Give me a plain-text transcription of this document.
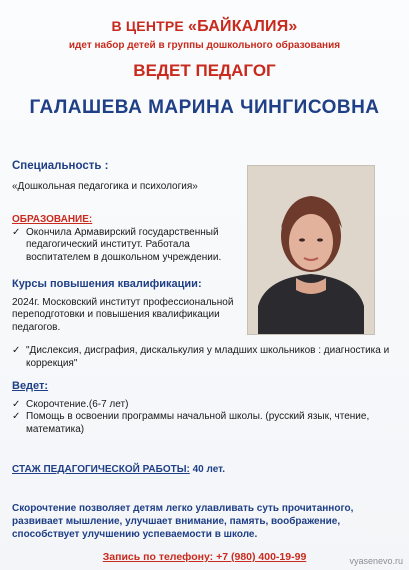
В ЦЕНТРЕ «БАЙКАЛИЯ»
идет набор детей в группы дошкольного образования
ВЕДЕТ ПЕДАГОГ
ГАЛАШЕВА МАРИНА ЧИНГИСОВНА
Специальность :
«Дошкольная педагогика и психология»
ОБРАЗОВАНИЕ:
✓ Окончила Армавирский государственный педагогический институт. Работала воспитателем в дошкольном учреждении.
Курсы повышения квалификации:
2024г. Московский институт профессиональной переподготовки и повышения квалификации педагогов.
✓ "Дислексия, дисграфия, дискалькулия у младших школьников : диагностика и коррекция"
Ведет:
✓ Скорочтение.(6-7 лет)
✓ Помощь в освоении программы начальной школы. (русский язык, чтение, математика)
СТАЖ ПЕДАГОГИЧЕСКОЙ РАБОТЫ: 40 лет.
Скорочтение позволяет детям легко улавливать суть прочитанного, развивает мышление, улучшает внимание, память, воображение, способствует улучшению успеваемости в школе.
Запись по телефону: +7 (980) 400-19-99	vyasenevo.ru
